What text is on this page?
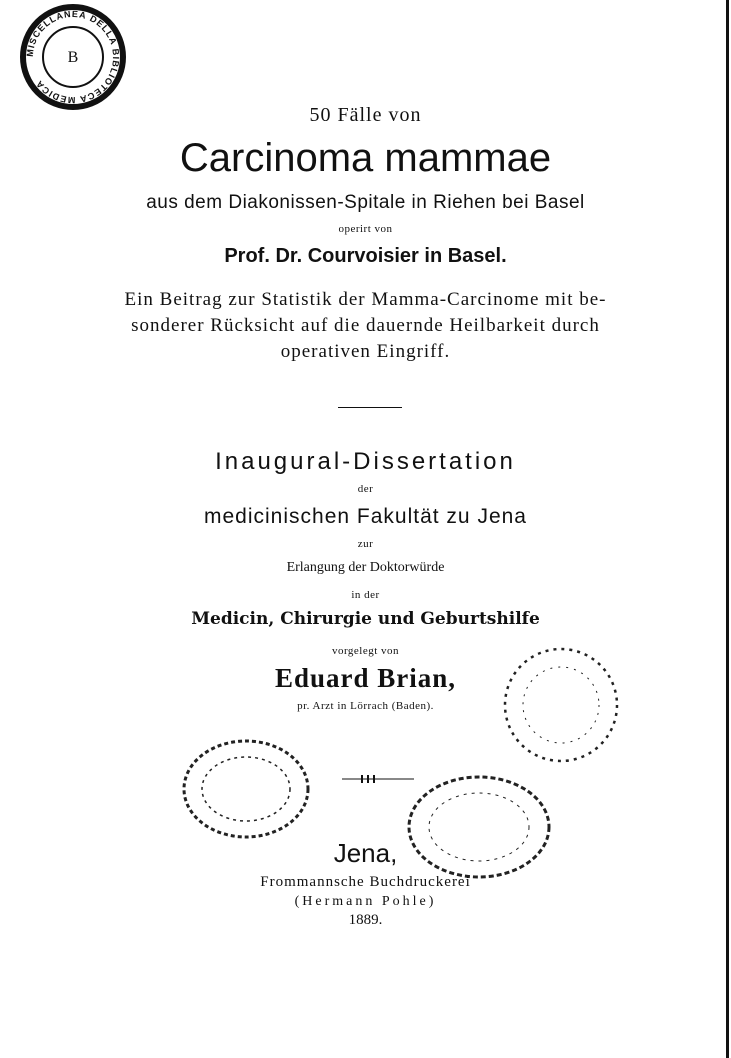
MISCELLANEA DELLA BIBLIOTECA MEDICA
B
50 Fälle von
Carcinoma mammae
aus dem Diakonissen-Spitale in Riehen bei Basel
operirt von
Prof. Dr. Courvoisier in Basel.
Ein Beitrag zur Statistik der Mamma-Carcinome mit be-
sonderer Rücksicht auf die dauernde Heilbarkeit durch
operativen Eingriff.
Inaugural-Dissertation
der
medicinischen Fakultät zu Jena
zur
Erlangung der Doktorwürde
in der
Medicin, Chirurgie und Geburtshilfe
vorgelegt von
Eduard Brian,
pr. Arzt in Lörrach (Baden).
Jena,
Frommannsche Buchdruckerei
(Hermann Pohle)
1889.
